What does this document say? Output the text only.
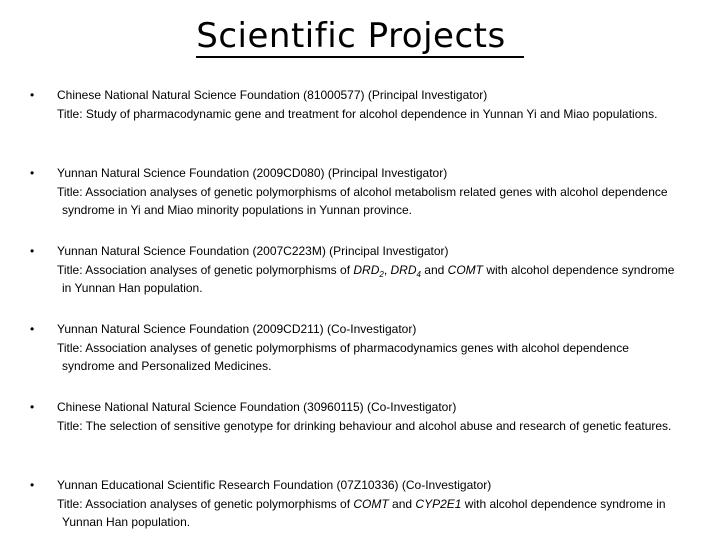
Scientific Projects
• Chinese National Natural Science Foundation (81000577) (Principal Investigator)
Title: Study of pharmacodynamic gene and treatment for alcohol dependence in Yunnan Yi and Miao populations.
• Yunnan Natural Science Foundation (2009CD080) (Principal Investigator)
Title: Association analyses of genetic polymorphisms of alcohol metabolism related genes with alcohol dependence syndrome in Yi and Miao minority populations in Yunnan province.
• Yunnan Natural Science Foundation (2007C223M) (Principal Investigator)
Title: Association analyses of genetic polymorphisms of $DRD_2$, $DRD_4$ and COMT with alcohol dependence syndrome in Yunnan Han population.
• Yunnan Natural Science Foundation (2009CD211) (Co-Investigator)
Title: Association analyses of genetic polymorphisms of pharmacodynamics genes with alcohol dependence syndrome and Personalized Medicines.
• Chinese National Natural Science Foundation (30960115) (Co-Investigator)
Title: The selection of sensitive genotype for drinking behaviour and alcohol abuse and research of genetic features.
• Yunnan Educational Scientific Research Foundation (07Z10336) (Co-Investigator)
Title: Association analyses of genetic polymorphisms of COMT and CYP2E1 with alcohol dependence syndrome in Yunnan Han population.
